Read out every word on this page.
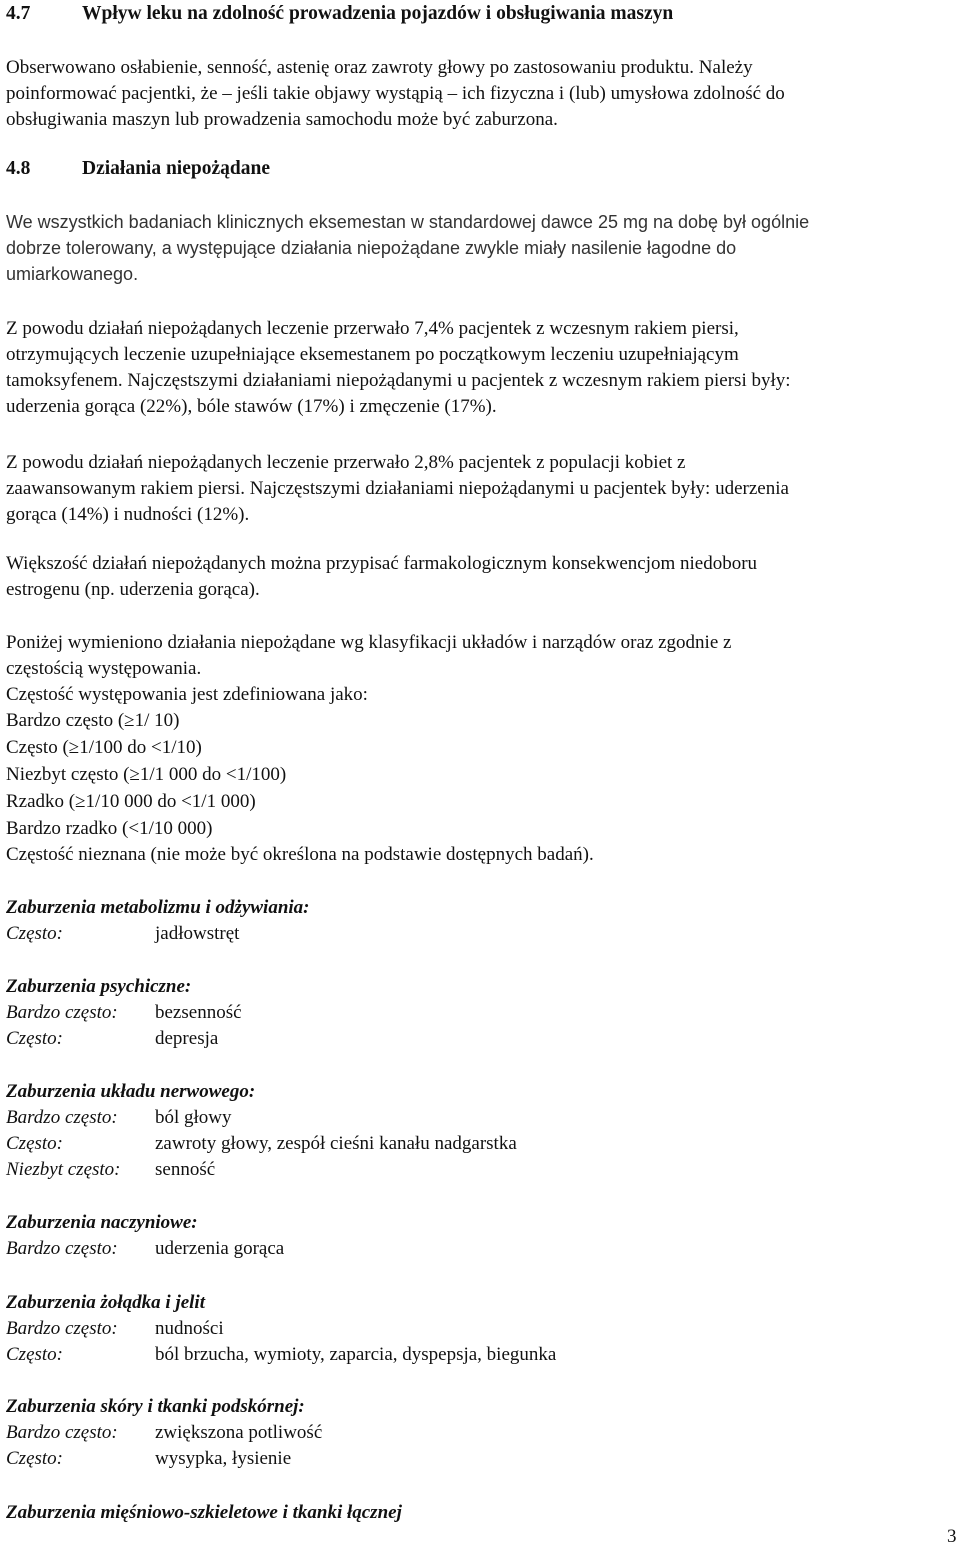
4.7	Wpływ leku na zdolność prowadzenia pojazdów i obsługiwania maszyn
Obserwowano osłabienie, senność, astenię oraz zawroty głowy po zastosowaniu produktu. Należy
poinformować pacjentki, że – jeśli takie objawy wystąpią – ich fizyczna i (lub) umysłowa zdolność do
obsługiwania maszyn lub prowadzenia samochodu może być zaburzona.
4.8	Działania niepożądane
We wszystkich badaniach klinicznych eksemestan w standardowej dawce 25 mg na dobę był ogólnie
dobrze tolerowany, a występujące działania niepożądane zwykle miały nasilenie łagodne do
umiarkowanego.
Z powodu działań niepożądanych leczenie przerwało 7,4% pacjentek z wczesnym rakiem piersi,
otrzymujących leczenie uzupełniające eksemestanem po początkowym leczeniu uzupełniającym
tamoksyfenem. Najczęstszymi działaniami niepożądanymi u pacjentek z wczesnym rakiem piersi były:
uderzenia gorąca (22%), bóle stawów (17%) i zmęczenie (17%).
Z powodu działań niepożądanych leczenie przerwało 2,8% pacjentek z populacji kobiet z
zaawansowanym rakiem piersi. Najczęstszymi działaniami niepożądanymi u pacjentek były: uderzenia
gorąca (14%) i nudności (12%).
Większość działań niepożądanych można przypisać farmakologicznym konsekwencjom niedoboru
estrogenu (np. uderzenia gorąca).
Poniżej wymieniono działania niepożądane wg klasyfikacji układów i narządów oraz zgodnie z
częstością występowania.
Częstość występowania jest zdefiniowana jako:
Bardzo często (≥1/ 10)
Często (≥1/100 do <1/10)
Niezbyt często (≥1/1 000 do <1/100)
Rzadko (≥1/10 000 do <1/1 000)
Bardzo rzadko (<1/10 000)
Częstość nieznana (nie może być określona na podstawie dostępnych badań).
Zaburzenia metabolizmu i odżywiania:
Często:	jadłowstręt
Zaburzenia psychiczne:
Bardzo często: bezsenność
Często:	depresja
Zaburzenia układu nerwowego:
Bardzo często: ból głowy
Często:	zawroty głowy, zespół cieśni kanału nadgarstka
Niezbyt często: senność
Zaburzenia naczyniowe:
Bardzo często: uderzenia gorąca
Zaburzenia żołądka i jelit
Bardzo często: nudności
Często:	ból brzucha, wymioty, zaparcia, dyspepsja, biegunka
Zaburzenia skóry i tkanki podskórnej:
Bardzo często: zwiększona potliwość
Często:	wysypka, łysienie
Zaburzenia mięśniowo-szkieletowe i tkanki łącznej
3
